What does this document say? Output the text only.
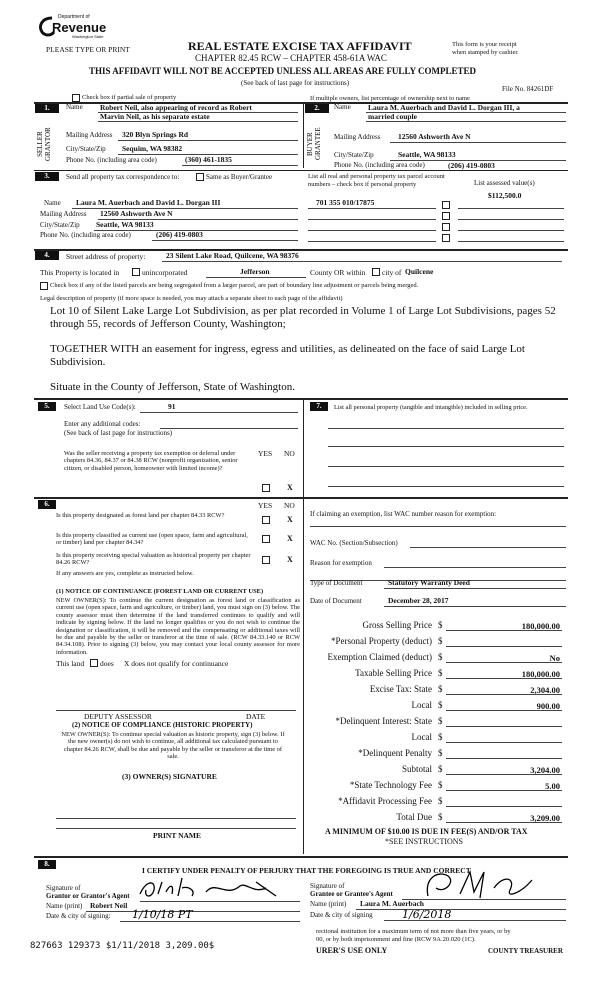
Department of
Revenue
Washington State
PLEASE TYPE OR PRINT	REAL ESTATE EXCISE TAX AFFIDAVIT
CHAPTER 82.45 RCW – CHAPTER 458-61A WAC
This form is your receipt
when stamped by cashier.
THIS AFFIDAVIT WILL NOT BE ACCEPTED UNLESS ALL AREAS ARE FULLY COMPLETED
(See back of last page for instructions)
File No. 84261DF
Check box if partial sale of property	If multiple owners, list percentage of ownership next to name
1.	Name Robert Neil, also appearing of record as Robert
Marvin Neil, as his separate estate
SELLER
GRANTOR Mailing Address 320 Blyn Springs Rd
City/State/Zip Sequim, WA 98382
Phone No. (including area code)	(360) 461-1835
2.	Name Laura M. Auerbach and David L. Dorgan III, a
married couple
BUYER
GRANTEE Mailing Address 12560 Ashworth Ave N
City/State/Zip	Seattle, WA 98133
Phone No. (including area code)	(206) 419-0803
3.	Send all property tax correspondence to:	Same as Buyer/Grantee	List all real and personal property tax parcel account
numbers – check box if personal property	List assessed value(s)
Name Laura M. Auerbach and David L. Dorgan III
Mailing Address 12560 Ashworth Ave N
City/State/Zip Seattle, WA 98133
Phone No. (including area code)	(206) 419-0803
701 355 010/17875
$112,500.0
4.	Street address of property:	23 Silent Lake Road, Quilcene, WA 98376
This Property is located in	unincorporated	Jefferson	County OR within city of Quilcene
Check box if any of the listed parcels are being segregated from a larger parcel, are part of boundary line adjustment or parcels being merged.
Legal description of property (if more space is needed, you may attach a separate sheet to each page of the affidavit)
Lot 10 of Silent Lake Large Lot Subdivision, as per plat recorded in Volume 1 of Large Lot Subdivisions, pages 52 through 55, records of Jefferson County, Washington;
TOGETHER WITH an easement for ingress, egress and utilities, as delineated on the face of said Large Lot Subdivision.
Situate in the County of Jefferson, State of Washington.
5.	Select Land Use Code(s):	91
Enter any additional codes:
(See back of last page for instructions)
Was the seller receiving a property tax exemption or deferral under chapters 84.36, 84.37 or 84.38 RCW (nonprofit organization, senior citizen, or disabled person, homeowner with limited income)?
YES NO
X
7.	List all personal property (tangible and intangible) included in selling price.
6.	YES NO
Is this property designated as forest land per chapter 84.33 RCW?	X
Is this property classified as current use (open space, farm and agricultural, or timber) land per chapter 84.34?	X
Is this property receiving special valuation as historical property per chapter 84.26 RCW?	X
If any answers are yes, complete as instructed below.
(1) NOTICE OF CONTINUANCE (FOREST LAND OR CURRENT USE)
NEW OWNER(S): To continue the current designation as forest land or classification as current use (open space, farm and agriculture, or timber) land, you must sign on (3) below. The county assessor must then determine if the land transferred continues to qualify and will indicate by signing below. If the land no longer qualifies or you do not wish to continue the designation or classification, it will be removed and the compensating or additional taxes will be due and payable by the seller or transferor at the time of sale. (RCW 84.33.140 or RCW 84.34.108). Prior to signing (3) below, you may contact your local county assessor for more information.
This land does X does not qualify for continuance
DEPUTY ASSESSOR	DATE
(2) NOTICE OF COMPLIANCE (HISTORIC PROPERTY)
NEW OWNER(S): To continue special valuation as historic property, sign (3) below. If the new owner(s) do not wish to continue, all additional tax calculated pursuant to chapter 84.26 RCW, shall be due and payable by the seller or transferor at the time of sale.
(3) OWNER(S) SIGNATURE
PRINT NAME
If claiming an exemption, list WAC number reason for exemption:
WAC No. (Section/Subsection)
Reason for exemption
Type of Document	Statutory Warranty Deed
Date of Document	December 28, 2017
Gross Selling Price $	180,000.00
*Personal Property (deduct) $
Exemption Claimed (deduct) $	No
Taxable Selling Price $	180,000.00
Excise Tax: State $	2,304.00
Local $	900.00
*Delinquent Interest: State $
Local $
*Delinquent Penalty $
Subtotal $	3,204.00
*State Technology Fee $	5.00
*Affidavit Processing Fee $
Total Due $	3,209.00
A MINIMUM OF $10.00 IS DUE IN FEE(S) AND/OR TAX
*SEE INSTRUCTIONS
8.
I CERTIFY UNDER PENALTY OF PERJURY THAT THE FOREGOING IS TRUE AND CORRECT
Signature of
Grantor or Grantor's Agent
Name (print) Robert Neil
Date & city of signing: 1/10/18 PT
Signature of
Grantee or Grantee's Agent
Name (print) Laura M. Auerbach
Date & city of signing	1/6/2018
rectional institution for a maximum term of not more than five years, or by
00, or by both imprisonment and fine (RCW 9A.20.020 (1C).
URER'S USE ONLY	COUNTY TREASURER
827663 129373 $1/11/2018 3,209.00$
